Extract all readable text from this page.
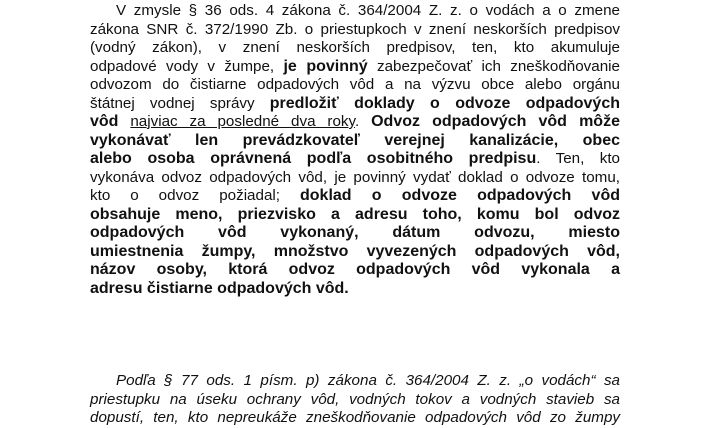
V zmysle § 36 ods. 4 zákona č. 364/2004 Z. z. o vodách a o zmene
zákona SNR č. 372/1990 Zb. o priestupkoch v znení neskorších predpisov
(vodný zákon), v znení neskorších predpisov, ten, kto akumuluje
odpadové vody v žumpe, je povinný zabezpečovať ich zneškodňovanie
odvozom do čistiarne odpadových vôd a na výzvu obce alebo orgánu
štátnej vodnej správy predložiť doklady o odvoze odpadových
vôd najviac za posledné dva roky. Odvoz odpadových vôd môže
vykonávať len prevádzkovateľ verejnej kanalizácie, obec
alebo osoba oprávnená podľa osobitného predpisu. Ten, kto
vykonáva odvoz odpadových vôd, je povinný vydať doklad o odvoze tomu,
kto o odvoz požiadal; doklad o odvoze odpadových vôd
obsahuje meno, priezvisko a adresu toho, komu bol odvoz
odpadových vôd vykonaný, dátum odvozu, miesto
umiestnenia žumpy, množstvo vyvezených odpadových vôd,
názov osoby, ktorá odvoz odpadových vôd vykonala a
adresu čistiarne odpadových vôd.
Podľa § 77 ods. 1 písm. p) zákona č. 364/2004 Z. z. „o vodách“ sa
priestupku na úseku ochrany vôd, vodných tokov a vodných stavieb sa
dopustí, ten, kto nepreukáže zneškodňovanie odpadových vôd zo žumpy
